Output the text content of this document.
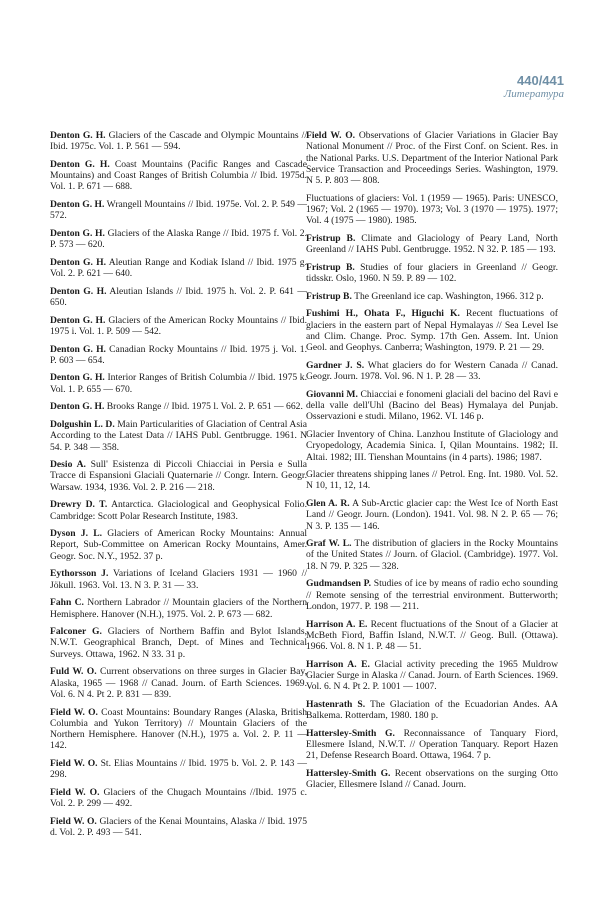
440/441
Литература

Denton G. H. Glaciers of the Cascade and Olympic Mountains // Ibid. 1975c. Vol. 1. P. 561 — 594.

Denton G. H. Coast Mountains (Pacific Ranges and Cascade Mountains) and Coast Ranges of British Columbia // Ibid. 1975d. Vol. 1. P. 671 — 688.

Denton G. H. Wrangell Mountains // Ibid. 1975e. Vol. 2. P. 549 — 572.

Denton G. H. Glaciers of the Alaska Range // Ibid. 1975 f. Vol. 2. P. 573 — 620.

Denton G. H. Aleutian Range and Kodiak Island // Ibid. 1975 g. Vol. 2. P. 621 — 640.

Denton G. H. Aleutian Islands // Ibid. 1975 h. Vol. 2. P. 641 — 650.

Denton G. H. Glaciers of the American Rocky Mountains // Ibid. 1975 i. Vol. 1. P. 509 — 542.

Denton G. H. Canadian Rocky Mountains // Ibid. 1975 j. Vol. 1. P. 603 — 654.

Denton G. H. Interior Ranges of British Columbia // Ibid. 1975 k. Vol. 1. P. 655 — 670.

Denton G. H. Brooks Range // Ibid. 1975 l. Vol. 2. P. 651 — 662.

Dolgushin L. D. Main Particularities of Glaciation of Central Asia According to the Latest Data // IAHS Publ. Gentbrugge. 1961. N 54. P. 348 — 358.

Desio A. Sull' Esistenza di Piccoli Chiacciai in Persia e Sulla Tracce di Espansioni Glaciali Quaternarie // Congr. Intern. Geogr. Warsaw. 1934, 1936. Vol. 2. P. 216 — 218.

Drewry D. T. Antarctica. Glaciological and Geophysical Folio. Cambridge: Scott Polar Research Institute, 1983.

Dyson J. L. Glaciers of American Rocky Mountains: Annual Report, Sub-Committee on American Rocky Mountains, Amer. Geogr. Soc. N.Y., 1952. 37 p.

Eythorsson J. Variations of Iceland Glaciers 1931 — 1960 // Jökull. 1963. Vol. 13. N 3. P. 31 — 33.

Fahn C. Northern Labrador // Mountain glaciers of the Northern Hemisphere. Hanover (N.H.), 1975. Vol. 2. P. 673 — 682.

Falconer G. Glaciers of Northern Baffin and Bylot Islands, N.W.T. Geographical Branch, Dept. of Mines and Technical Surveys. Ottawa, 1962. N 33. 31 p.

Fuld W. O. Current observations on three surges in Glacier Bay, Alaska, 1965 — 1968 // Canad. Journ. of Earth Sciences. 1969. Vol. 6. N 4. Pt 2. P. 831 — 839.

Field W. O. Coast Mountains: Boundary Ranges (Alaska, British Columbia and Yukon Territory) // Mountain Glaciers of the Northern Hemisphere. Hanover (N.H.), 1975 a. Vol. 2. P. 11 — 142.

Field W. O. St. Elias Mountains // Ibid. 1975 b. Vol. 2. P. 143 — 298.

Field W. O. Glaciers of the Chugach Mountains //Ibid. 1975 c. Vol. 2. P. 299 — 492.

Field W. O. Glaciers of the Kenai Mountains, Alaska // Ibid. 1975 d. Vol. 2. P. 493 — 541.

Field W. O. Observations of Glacier Variations in Glacier Bay National Monument // Proc. of the First Conf. on Scient. Res. in the National Parks. U.S. Department of the Interior National Park Service Transaction and Proceedings Series. Washington, 1979. N 5. P. 803 — 808.

Fluctuations of glaciers: Vol. 1 (1959 — 1965). Paris: UNESCO, 1967; Vol. 2 (1965 — 1970). 1973; Vol. 3 (1970 — 1975). 1977; Vol. 4 (1975 — 1980). 1985.

Fristrup B. Climate and Glaciology of Peary Land, North Greenland // IAHS Publ. Gentbrugge. 1952. N 32. P. 185 — 193.

Fristrup B. Studies of four glaciers in Greenland // Geogr. tidsskr. Oslo, 1960. N 59. P. 89 — 102.

Fristrup B. The Greenland ice cap. Washington, 1966. 312 p.

Fushimi H., Ohata F., Higuchi K. Recent fluctuations of glaciers in the eastern part of Nepal Hymalayas // Sea Level Ise and Clim. Change. Proc. Symp. 17th Gen. Assem. Int. Union Geol. and Geophys. Canberra; Washington, 1979. P. 21 — 29.

Gardner J. S. What glaciers do for Western Canada // Canad. Geogr. Journ. 1978. Vol. 96. N 1. P. 28 — 33.

Giovanni M. Chiacciai e fonomeni glaciali del bacino del Ravi e della valle dell'Uhl (Bacino del Beas) Hymalaya del Punjab. Osservazioni e studi. Milano, 1962. VI. 146 p.

Glacier Inventory of China. Lanzhou Institute of Glaciology and Cryopedology, Academia Sinica. I, Qilan Mountains. 1982; II. Altai. 1982; III. Tienshan Mountains (in 4 parts). 1986; 1987.

Glacier threatens shipping lanes // Petrol. Eng. Int. 1980. Vol. 52. N 10, 11, 12, 14.

Glen A. R. A Sub-Arctic glacier cap: the West Ice of North East Land // Geogr. Journ. (London). 1941. Vol. 98. N 2. P. 65 — 76; N 3. P. 135 — 146.

Graf W. L. The distribution of glaciers in the Rocky Mountains of the United States // Journ. of Glaciol. (Cambridge). 1977. Vol. 18. N 79. P. 325 — 328.

Gudmandsen P. Studies of ice by means of radio echo sounding // Remote sensing of the terrestrial environment. Butterworth; London, 1977. P. 198 — 211.

Harrison A. E. Recent fluctuations of the Snout of a Glacier at McBeth Fiord, Baffin Island, N.W.T. // Geog. Bull. (Ottawa). 1966. Vol. 8. N 1. P. 48 — 51.

Harrison A. E. Glacial activity preceding the 1965 Muldrow Glacier Surge in Alaska // Canad. Journ. of Earth Sciences. 1969. Vol. 6. N 4. Pt 2. P. 1001 — 1007.

Hastenrath S. The Glaciation of the Ecuadorian Andes. AA Balkema. Rotterdam, 1980. 180 p.

Hattersley-Smith G. Reconnaissance of Tanquary Fiord, Ellesmere Island, N.W.T. // Operation Tanquary. Report Hazen 21, Defense Research Board. Ottawa, 1964. 7 p.

Hattersley-Smith G. Recent observations on the surging Otto Glacier, Ellesmere Island // Canad. Journ.
